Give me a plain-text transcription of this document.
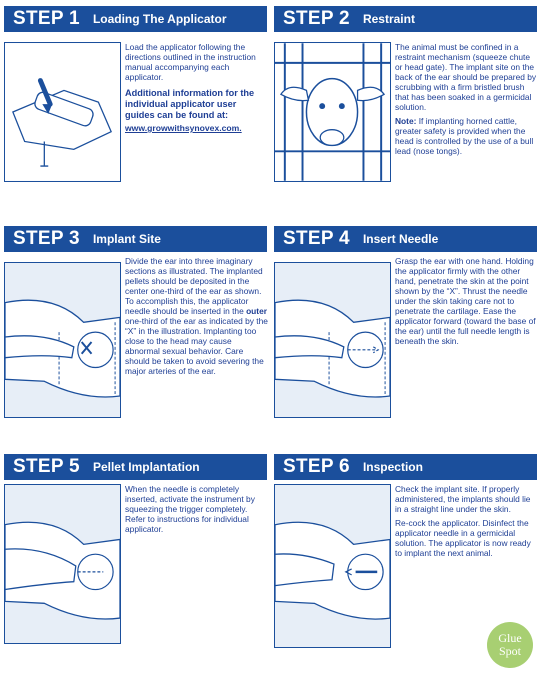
STEP 1 Loading The Applicator

Load the applicator following the directions outlined in the instruction manual accompanying each applicator.

Additional information for the individual applicator user guides can be found at:
www.growwithsynovex.com.
STEP 2 Restraint

The animal must be confined in a restraint mechanism (squeeze chute or head gate). The implant site on the back of the ear should be prepared by scrubbing with a firm bristled brush that has been soaked in a germicidal solution.

Note: If implanting horned cattle, greater safety is provided when the head is controlled by the use of a bull lead (nose tongs).

STEP 3 Implant Site

Divide the ear into three imaginary sections as illustrated. The implanted pellets should be deposited in the center one-third of the ear as shown. To accomplish this, the applicator needle should be inserted in the outer one-third of the ear as indicated by the “X” in the illustration. Implanting too close to the head may cause abnormal sexual behavior. Care should be taken to avoid severing the major arteries of the ear.

STEP 4 Insert Needle

Grasp the ear with one hand. Holding the applicator firmly with the other hand, penetrate the skin at the point shown by the “X”. Thrust the needle under the skin taking care not to penetrate the cartilage. Ease the applicator forward (toward the base of the ear) until the full needle length is beneath the skin.

STEP 5 Pellet Implantation

When the needle is completely inserted, activate the instrument by squeezing the trigger completely. Refer to instructions for individual applicator.

STEP 6 Inspection

Check the implant site. If properly administered, the implants should lie in a straight line under the skin.

Re-cock the applicator. Disinfect the applicator needle in a germicidal solution. The applicator is now ready to implant the next animal.

Glue
Spot
